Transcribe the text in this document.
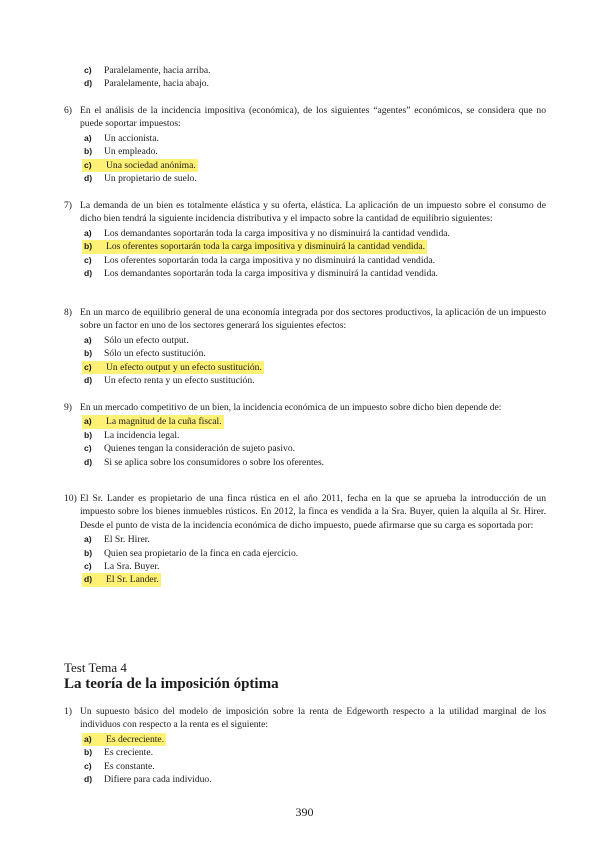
c)	Paralelamente, hacia arriba.
d)	Paralelamente, hacia abajo.
6) En el análisis de la incidencia impositiva (económica), de los siguientes “agentes” económicos, se considera que no puede soportar impuestos:
a)	Un accionista.
b)	Un empleado.
c)	Una sociedad anónima.
d)	Un propietario de suelo.
7) La demanda de un bien es totalmente elástica y su oferta, elástica. La aplicación de un impuesto sobre el consumo de dicho bien tendrá la siguiente incidencia distributiva y el impacto sobre la cantidad de equilibrio siguientes:
a)	Los demandantes soportarán toda la carga impositiva y no disminuirá la cantidad vendida.
b)	Los oferentes soportarán toda la carga impositiva y disminuirá la cantidad vendida.
c)	Los oferentes soportarán toda la carga impositiva y no disminuirá la cantidad vendida.
d)	Los demandantes soportarán toda la carga impositiva y disminuirá la cantidad vendida.
8) En un marco de equilibrio general de una economía integrada por dos sectores productivos, la aplicación de un impuesto sobre un factor en uno de los sectores generará los siguientes efectos:
a)	Sólo un efecto output.
b)	Sólo un efecto sustitución.
c)	Un efecto output y un efecto sustitución.
d)	Un efecto renta y un efecto sustitución.
9) En un mercado competitivo de un bien, la incidencia económica de un impuesto sobre dicho bien depende de:
a)	La magnitud de la cuña fiscal.
b)	La incidencia legal.
c)	Quienes tengan la consideración de sujeto pasivo.
d)	Si se aplica sobre los consumidores o sobre los oferentes.
10) El Sr. Lander es propietario de una finca rústica en el año 2011, fecha en la que se aprueba la introducción de un impuesto sobre los bienes inmuebles rústicos. En 2012, la finca es vendida a la Sra. Buyer, quien la alquila al Sr. Hirer. Desde el punto de vista de la incidencia económica de dicho impuesto, puede afirmarse que su carga es soportada por:
a)	El Sr. Hirer.
b)	Quien sea propietario de la finca en cada ejercicio.
c)	La Sra. Buyer.
d)	El Sr. Lander.
Test Tema 4
La teoría de la imposición óptima
1) Un supuesto básico del modelo de imposición sobre la renta de Edgeworth respecto a la utilidad marginal de los individuos con respecto a la renta es el siguiente:
a)	Es decreciente.
b)	Es creciente.
c)	Es constante.
d)	Difiere para cada individuo.
390
